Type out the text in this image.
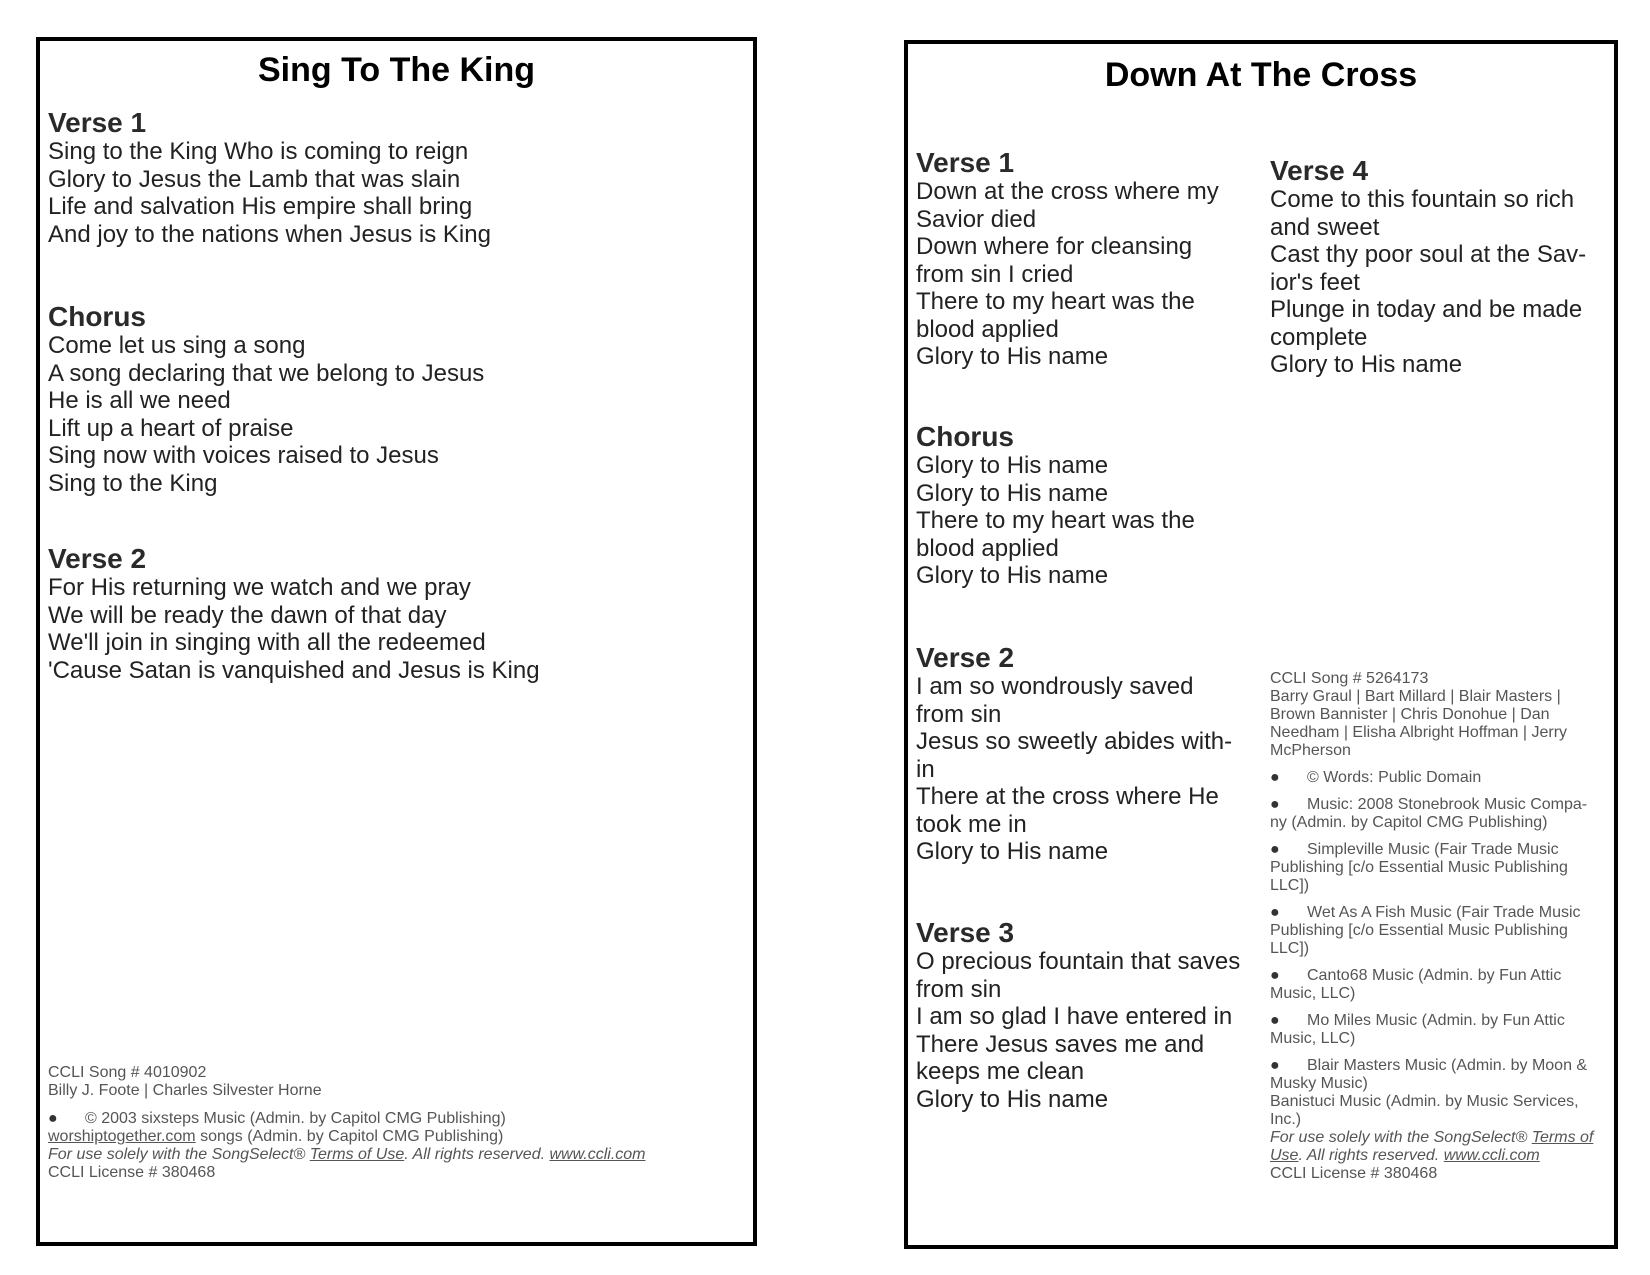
Sing To The King
Verse 1
Sing to the King Who is coming to reign
Glory to Jesus the Lamb that was slain
Life and salvation His empire shall bring
And joy to the nations when Jesus is King
Chorus
Come let us sing a song
A song declaring that we belong to Jesus
He is all we need
Lift up a heart of praise
Sing now with voices raised to Jesus
Sing to the King
Verse 2
For His returning we watch and we pray
We will be ready the dawn of that day
We'll join in singing with all the redeemed
'Cause Satan is vanquished and Jesus is King
CCLI Song # 4010902
Billy J. Foote | Charles Silvester Horne
● © 2003 sixsteps Music (Admin. by Capitol CMG Publishing)
worshiptogether.com songs (Admin. by Capitol CMG Publishing)
For use solely with the SongSelect® Terms of Use. All rights reserved. www.ccli.com
CCLI License # 380468
Down At The Cross
Verse 1
Down at the cross where my
Savior died
Down where for cleansing
from sin I cried
There to my heart was the
blood applied
Glory to His name
Chorus
Glory to His name
Glory to His name
There to my heart was the
blood applied
Glory to His name
Verse 2
I am so wondrously saved
from sin
Jesus so sweetly abides with-
in
There at the cross where He
took me in
Glory to His name
Verse 3
O precious fountain that saves
from sin
I am so glad I have entered in
There Jesus saves me and
keeps me clean
Glory to His name
Verse 4
Come to this fountain so rich
and sweet
Cast thy poor soul at the Sav-
ior's feet
Plunge in today and be made
complete
Glory to His name
CCLI Song # 5264173
Barry Graul | Bart Millard | Blair Masters |
Brown Bannister | Chris Donohue | Dan
Needham | Elisha Albright Hoffman | Jerry
McPherson
● © Words: Public Domain
● Music: 2008 Stonebrook Music Compa-
ny (Admin. by Capitol CMG Publishing)
● Simpleville Music (Fair Trade Music
Publishing [c/o Essential Music Publishing
LLC])
● Wet As A Fish Music (Fair Trade Music
Publishing [c/o Essential Music Publishing
LLC])
● Canto68 Music (Admin. by Fun Attic
Music, LLC)
● Mo Miles Music (Admin. by Fun Attic
Music, LLC)
● Blair Masters Music (Admin. by Moon &
Musky Music)
Banistuci Music (Admin. by Music Services,
Inc.)
For use solely with the SongSelect® Terms of
Use. All rights reserved. www.ccli.com
CCLI License # 380468
